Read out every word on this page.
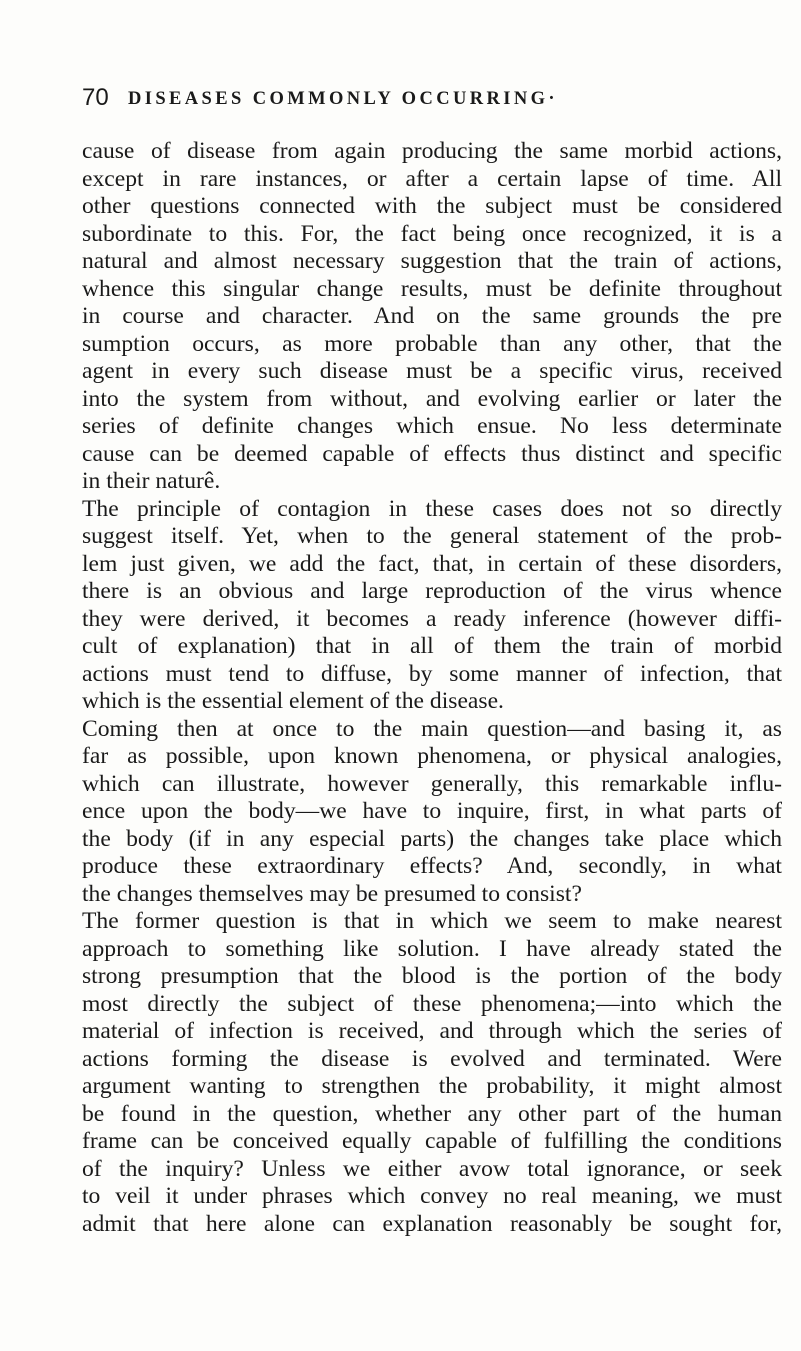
70 DISEASES COMMONLY OCCURRING·
cause of disease from again producing the same morbid actions,
except in rare instances, or after a certain lapse of time. All
other questions connected with the subject must be considered
subordinate to this. For, the fact being once recognized, it is a
natural and almost necessary suggestion that the train of actions,
whence this singular change results, must be definite throughout
in course and character. And on the same grounds the pre
sumption occurs, as more probable than any other, that the
agent in every such disease must be a specific virus, received
into the system from without, and evolving earlier or later the
series of definite changes which ensue. No less determinate
cause can be deemed capable of effects thus distinct and specific
in their naturê.
The principle of contagion in these cases does not so directly
suggest itself. Yet, when to the general statement of the prob-
lem just given, we add the fact, that, in certain of these disorders,
there is an obvious and large reproduction of the virus whence
they were derived, it becomes a ready inference (however diffi-
cult of explanation) that in all of them the train of morbid
actions must tend to diffuse, by some manner of infection, that
which is the essential element of the disease.
Coming then at once to the main question—and basing it, as
far as possible, upon known phenomena, or physical analogies,
which can illustrate, however generally, this remarkable influ-
ence upon the body—we have to inquire, first, in what parts of
the body (if in any especial parts) the changes take place which
produce these extraordinary effects? And, secondly, in what
the changes themselves may be presumed to consist?
The former question is that in which we seem to make nearest
approach to something like solution. I have already stated the
strong presumption that the blood is the portion of the body
most directly the subject of these phenomena;—into which the
material of infection is received, and through which the series of
actions forming the disease is evolved and terminated. Were
argument wanting to strengthen the probability, it might almost
be found in the question, whether any other part of the human
frame can be conceived equally capable of fulfilling the conditions
of the inquiry? Unless we either avow total ignorance, or seek
to veil it under phrases which convey no real meaning, we must
admit that here alone can explanation reasonably be sought for,
